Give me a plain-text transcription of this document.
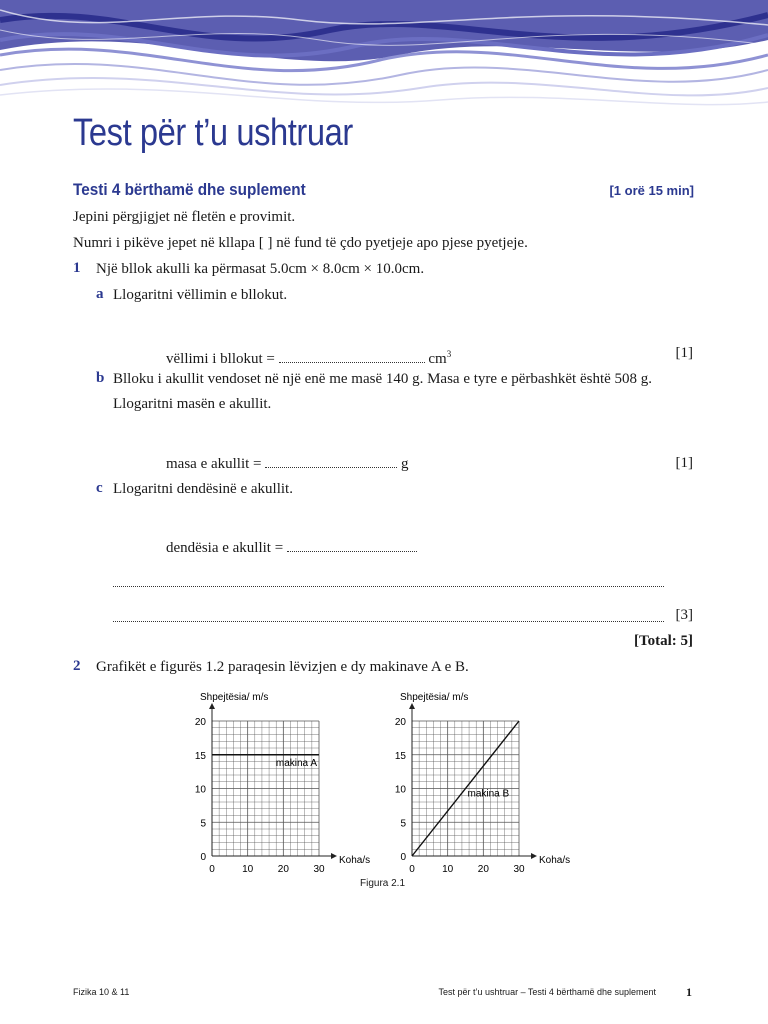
Test për t’u ushtruar
Testi 4 bërthamë dhe suplement	[1 orë 15 min]
Jepini përgjigjet në fletën e provimit.
Numri i pikëve jepet në kllapa [ ] në fund të çdo pyetjeje apo pjese pyetjeje.
1 Një bllok akulli ka përmasat 5.0cm × 8.0cm × 10.0cm.
a Llogaritni vëllimin e bllokut.
vëllimi i bllokut =	$cm^3$	[1]
b Blloku i akullit vendoset në një enë me masë 140 g. Masa e tyre e përbashkët është 508 g.
Llogaritni masën e akullit.
masa e akullit =	g	[1]
c Llogaritni dendësinë e akullit.
dendësia e akullit =
[3]
[Total: 5]
2 Grafikët e figurës 1.2 paraqesin lëvizjen e dy makinave A e B.
0	10 20 30
0
5
10
15
20
Shpejtësia/ m/s
Koha/s
makina A
0	10 20 30
0
5
10
15
20
Shpejtësia/ m/s
Koha/s
makina B
Figura 2.1
Fizika 10 & 11	Test për t’u ushtruar – Testi 4 bërthamë dhe suplement	1
